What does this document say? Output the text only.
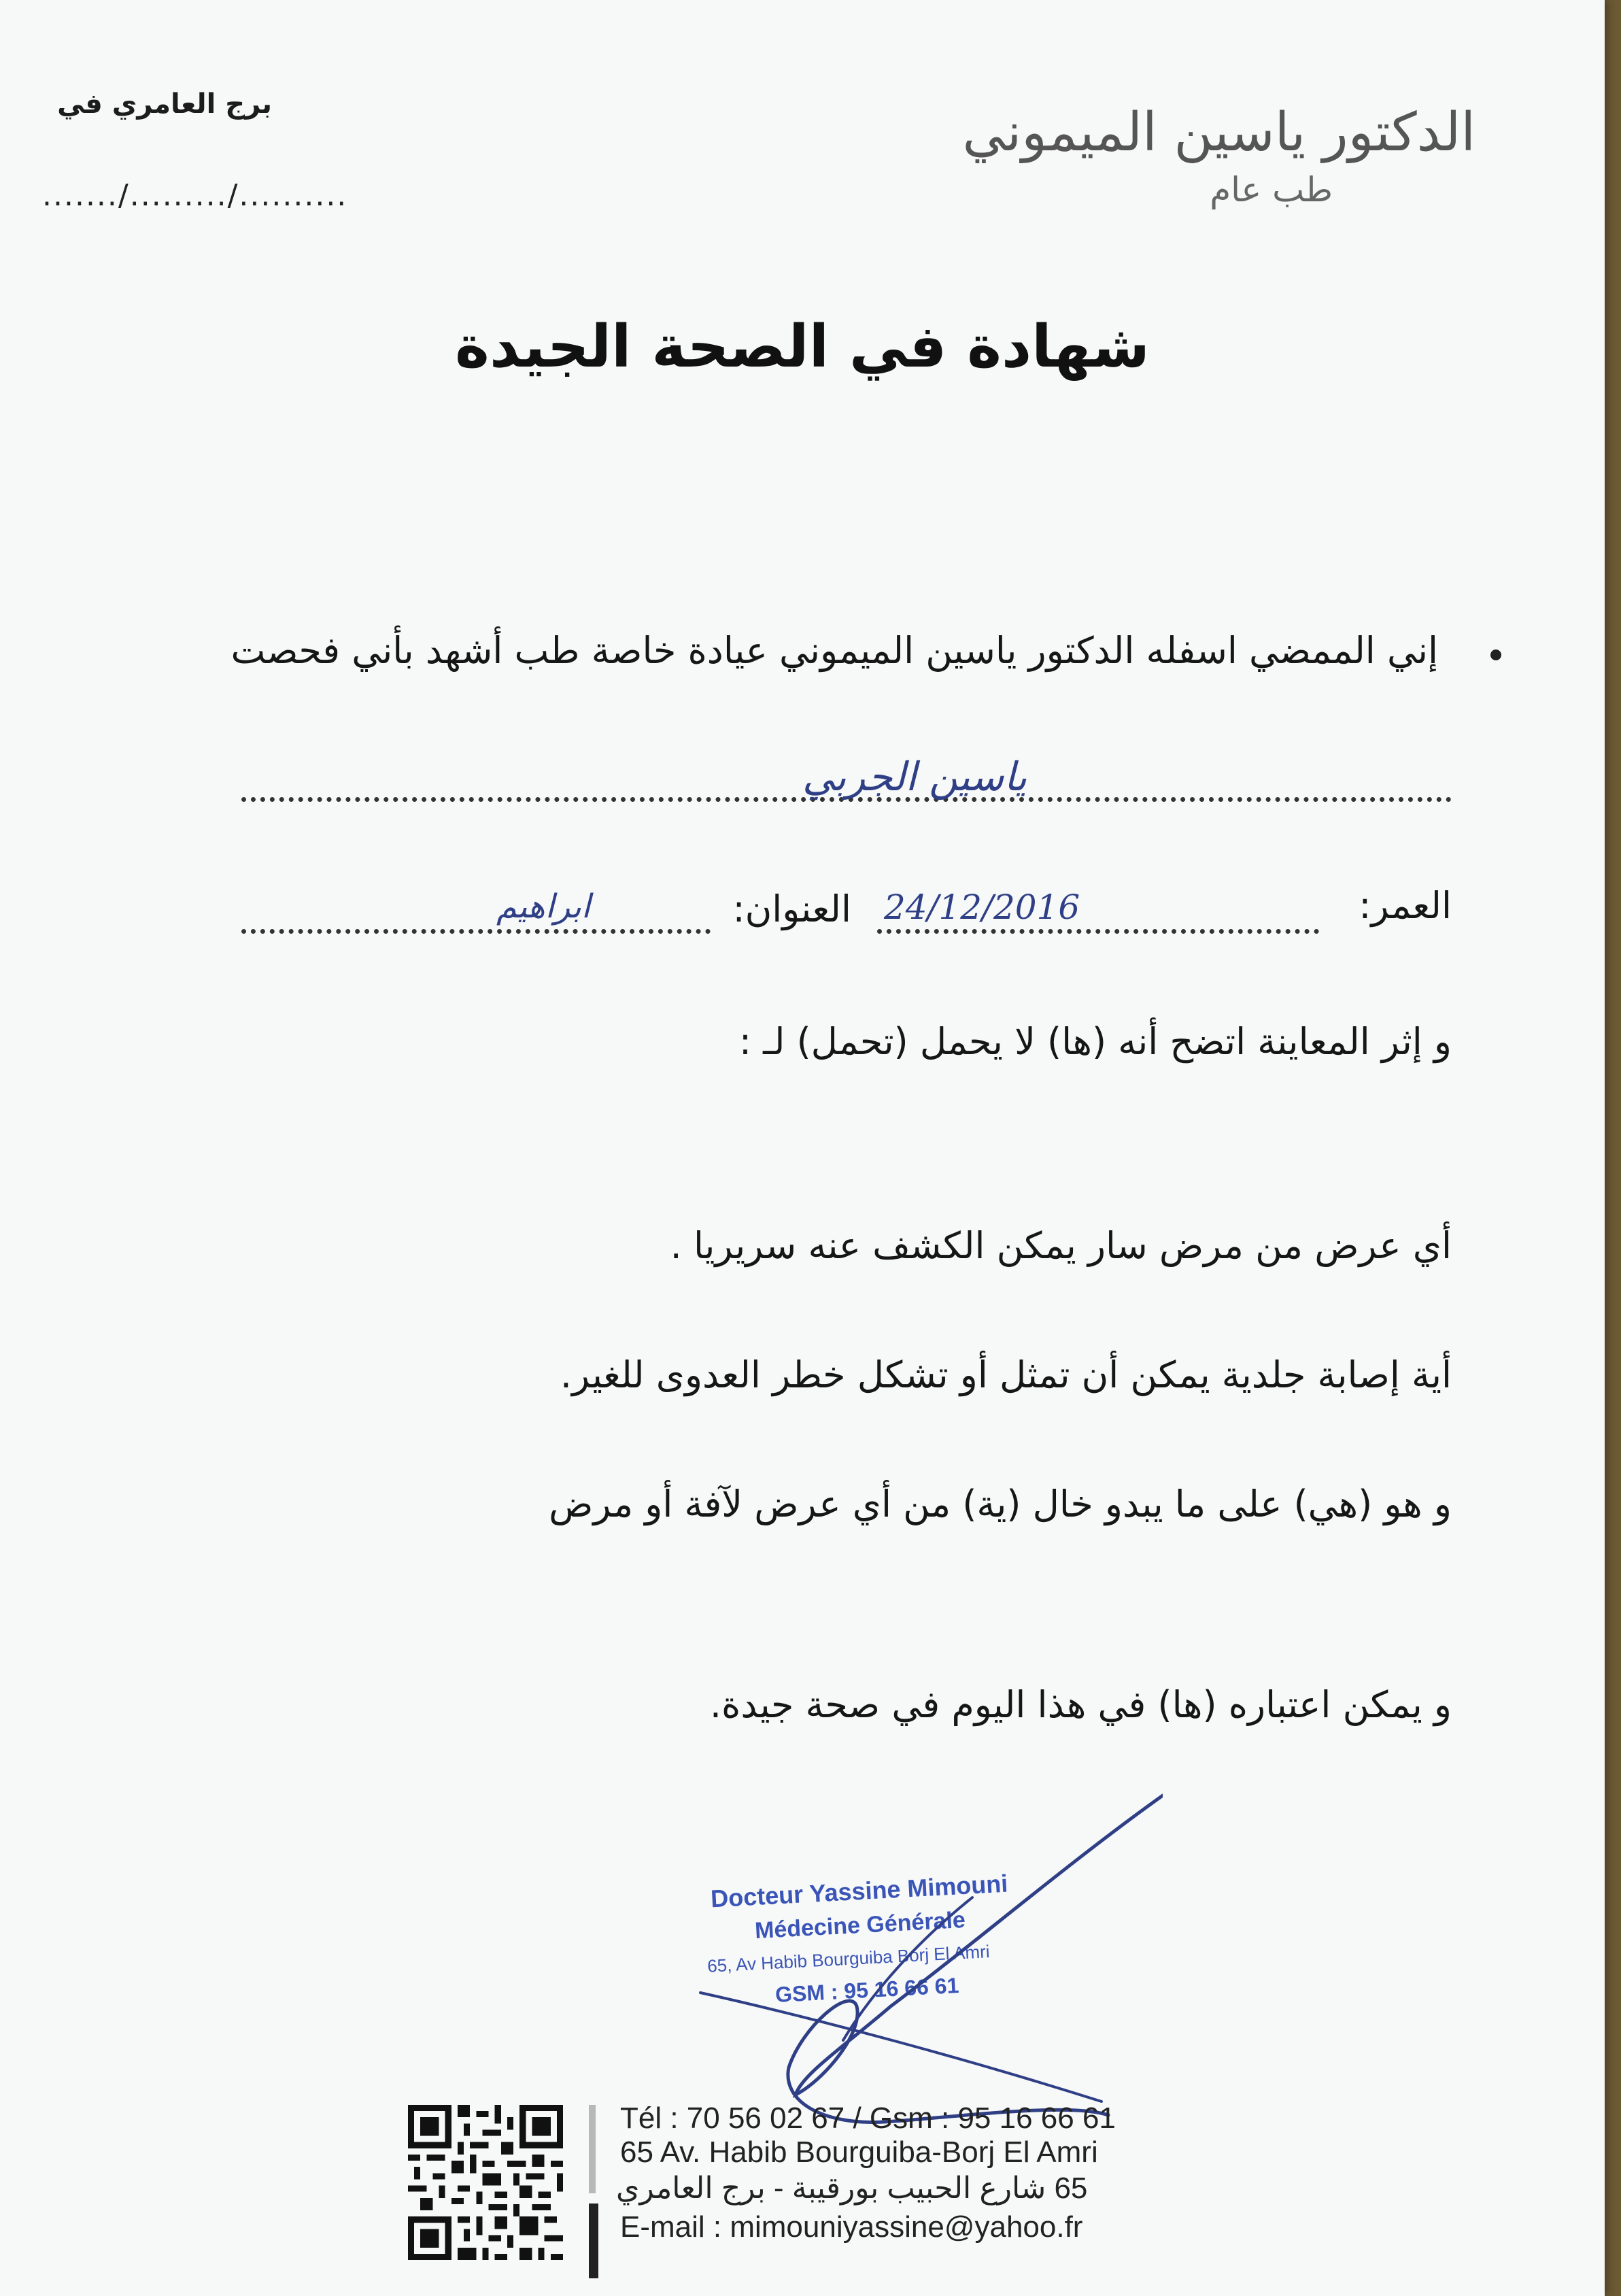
برج العامري في
......./........./..........
الدكتور ياسين الميموني
طب عام
شهادة في الصحة الجيدة
إني الممضي اسفله الدكتور ياسين الميموني عيادة خاصة طب أشهد بأني فحصت
ياسين الجربي
العمر:
24/12/2016
العنوان:
ابراهيم
و إثر المعاينة اتضح أنه (ها) لا يحمل (تحمل) لـ :
أي عرض من مرض سار يمكن الكشف عنه سريريا .
أية إصابة جلدية يمكن أن تمثل أو تشكل خطر العدوى للغير.
و هو (هي) على ما يبدو خال (ية) من أي عرض لآفة أو مرض
و يمكن اعتباره (ها) في هذا اليوم في صحة جيدة.
Docteur Yassine Mimouni
Médecine Générale
65, Av Habib Bourguiba Borj El Amri
GSM : 95 16 66 61
Tél : 70 56 02 67 / Gsm : 95 16 66 61
65 Av. Habib Bourguiba-Borj El Amri
65 شارع الحبيب بورقيبة - برج العامري
E-mail : mimouniyassine@yahoo.fr
